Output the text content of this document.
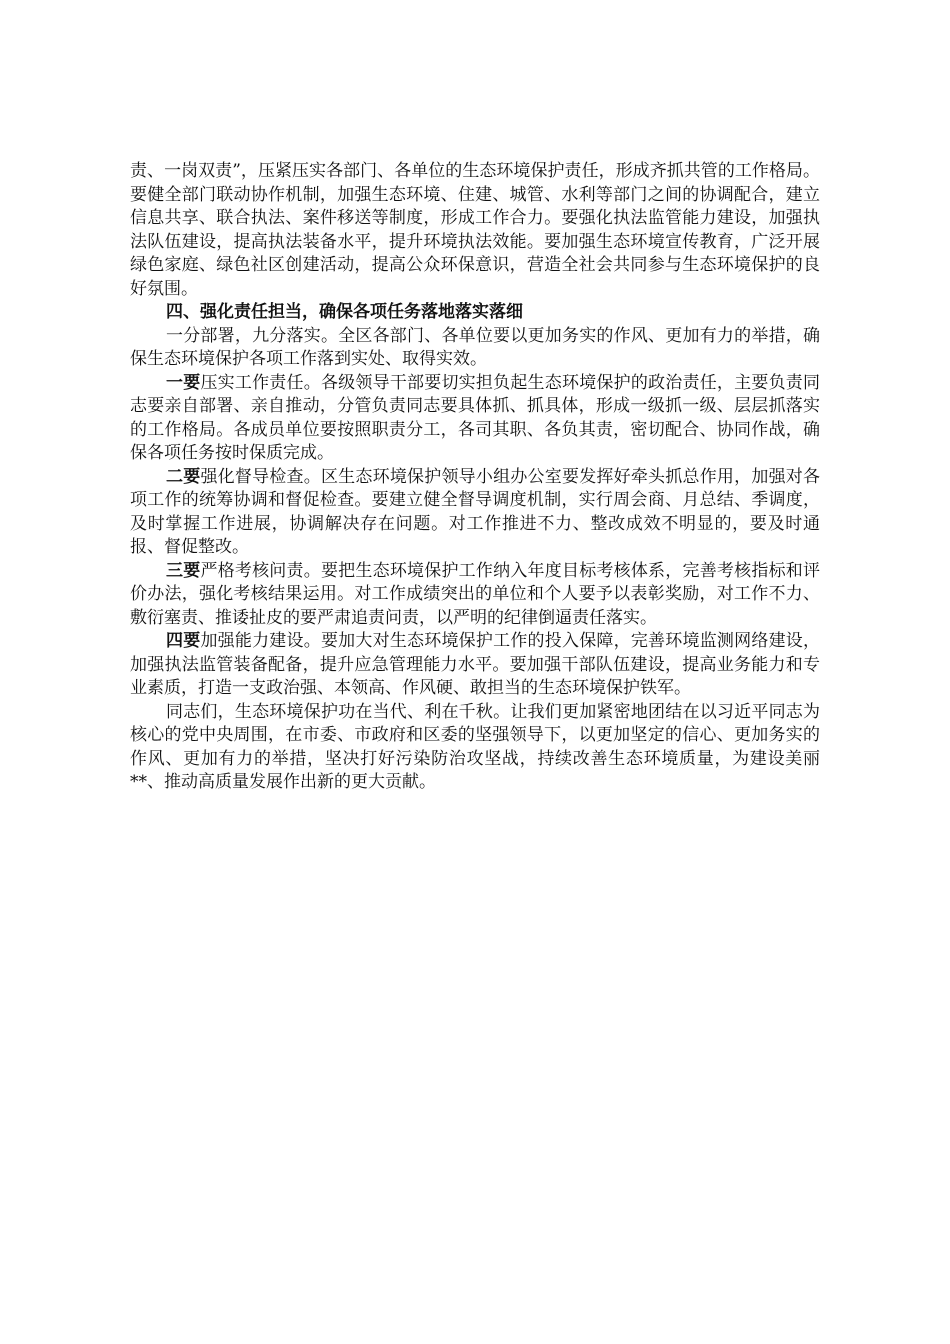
责、一岗双责”，压紧压实各部门、各单位的生态环境保护责任，形成齐抓共管的工作格局。要健全部门联动协作机制，加强生态环境、住建、城管、水利等部门之间的协调配合，建立信息共享、联合执法、案件移送等制度，形成工作合力。要强化执法监管能力建设，加强执法队伍建设，提高执法装备水平，提升环境执法效能。要加强生态环境宣传教育，广泛开展绿色家庭、绿色社区创建活动，提高公众环保意识，营造全社会共同参与生态环境保护的良好氛围。

四、强化责任担当，确保各项任务落地落实落细

一分部署，九分落实。全区各部门、各单位要以更加务实的作风、更加有力的举措，确保生态环境保护各项工作落到实处、取得实效。

一要压实工作责任。各级领导干部要切实担负起生态环境保护的政治责任，主要负责同志要亲自部署、亲自推动，分管负责同志要具体抓、抓具体，形成一级抓一级、层层抓落实的工作格局。各成员单位要按照职责分工，各司其职、各负其责，密切配合、协同作战，确保各项任务按时保质完成。

二要强化督导检查。区生态环境保护领导小组办公室要发挥好牵头抓总作用，加强对各项工作的统筹协调和督促检查。要建立健全督导调度机制，实行周会商、月总结、季调度，及时掌握工作进展，协调解决存在问题。对工作推进不力、整改成效不明显的，要及时通报、督促整改。

三要严格考核问责。要把生态环境保护工作纳入年度目标考核体系，完善考核指标和评价办法，强化考核结果运用。对工作成绩突出的单位和个人要予以表彰奖励，对工作不力、敷衍塞责、推诿扯皮的要严肃追责问责，以严明的纪律倒逼责任落实。

四要加强能力建设。要加大对生态环境保护工作的投入保障，完善环境监测网络建设，加强执法监管装备配备，提升应急管理能力水平。要加强干部队伍建设，提高业务能力和专业素质，打造一支政治强、本领高、作风硬、敢担当的生态环境保护铁军。

同志们，生态环境保护功在当代、利在千秋。让我们更加紧密地团结在以习近平同志为核心的党中央周围，在市委、市政府和区委的坚强领导下，以更加坚定的信心、更加务实的作风、更加有力的举措，坚决打好污染防治攻坚战，持续改善生态环境质量，为建设美丽**、推动高质量发展作出新的更大贡献。
